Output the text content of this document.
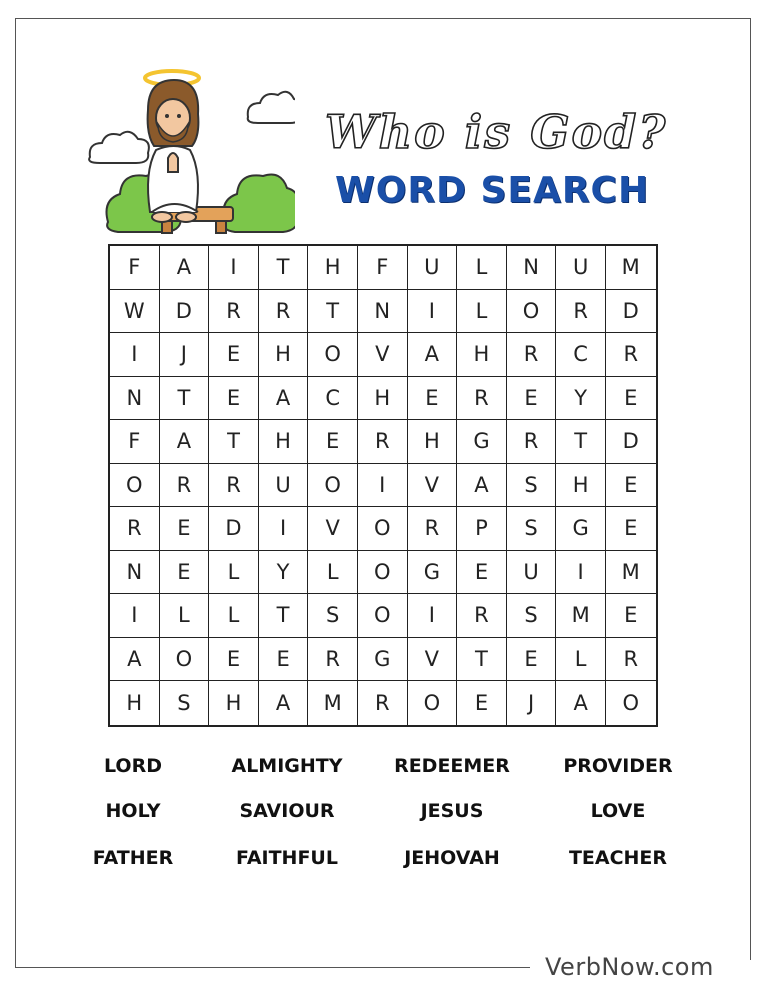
VerbNow.com
Who is God?
WORD SEARCH
F	A	I	T	H	F	U	L	N	U	M
W	D	R	R	T	N	I	L	O	R	D
I	J	E	H	O	V	A	H	R	C	R
N	T	E	A	C	H	E	R	E	Y	E
F	A	T	H	E	R	H	G	R	T	D
O	R	R	U	O	I	V	A	S	H	E
R	E	D	I	V	O	R	P	S	G	E
N	E	L	Y	L	O	G	E	U	I	M
I	L	L	T	S	O	I	R	S	M	E
A	O	E	E	R	G	V	T	E	L	R
H	S	H	A	M	R	O	E	J	A	O
LORD	ALMIGHTY	REDEEMER	PROVIDER
HOLY	SAVIOUR	JESUS	LOVE
FATHER	FAITHFUL	JEHOVAH	TEACHER
